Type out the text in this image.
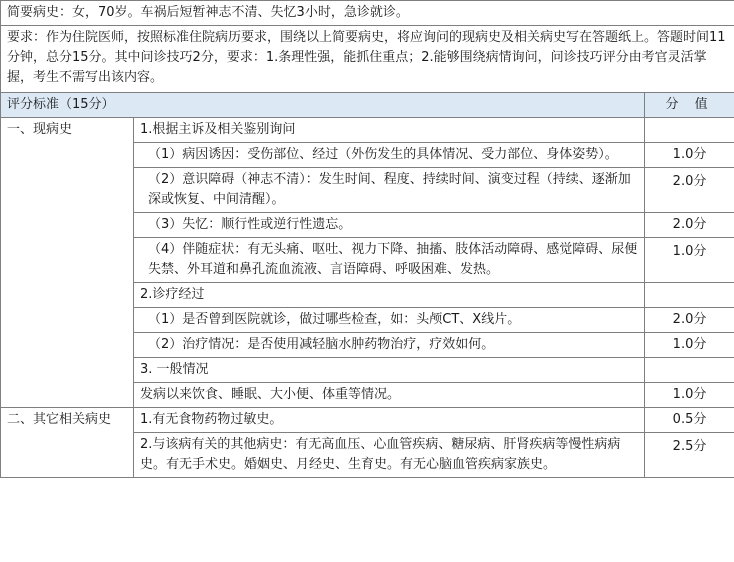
简要病史：女，70岁。车祸后短暂神志不清、失忆3小时，急诊就诊。		
要求：作为住院医师，按照标准住院病历要求，围绕以上简要病史，将应询问的现病史及相关病史写在答题纸上。答题时间11分钟，总分15分。其中问诊技巧2分，要求：1.条理性强，能抓住重点；2.能够围绕病情询问，问诊技巧评分由考官灵活掌握，考生不需写出该内容。		
评分标准（15分）		分 值
一、现病史	1.根据主诉及相关鉴别询问	
	（1）病因诱因：受伤部位、经过（外伤发生的具体情况、受力部位、身体姿势）。	1.0分
	（2）意识障碍（神志不清）：发生时间、程度、持续时间、演变过程（持续、逐渐加深或恢复、中间清醒）。	2.0分
	（3）失忆：顺行性或逆行性遗忘。	2.0分
	（4）伴随症状：有无头痛、呕吐、视力下降、抽搐、肢体活动障碍、感觉障碍、尿便失禁、外耳道和鼻孔流血流液、言语障碍、呼吸困难、发热。	1.0分
	2.诊疗经过	
	（1）是否曾到医院就诊，做过哪些检查，如：头颅CT、X线片。	2.0分
	（2）治疗情况：是否使用减轻脑水肿药物治疗，疗效如何。	1.0分
	3. 一般情况	
	发病以来饮食、睡眠、大小便、体重等情况。	1.0分
二、其它相关病史	1.有无食物药物过敏史。	0.5分
	2.与该病有关的其他病史：有无高血压、心血管疾病、糖尿病、肝肾疾病等慢性病病史。有无手术史。婚姻史、月经史、生育史。有无心脑血管疾病家族史。	2.5分
